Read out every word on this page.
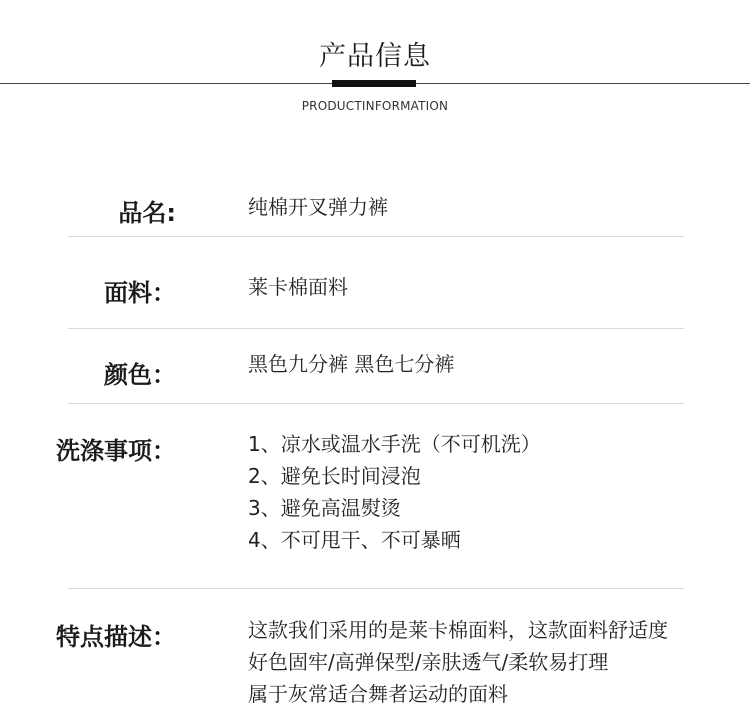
产品信息
PRODUCTINFORMATION
品名:	纯棉开叉弹力裤
面料：	莱卡棉面料
颜色：	黑色九分裤 黑色七分裤
洗涤事项：	1、凉水或温水手洗（不可机洗）
2、避免长时间浸泡
3、避免高温熨烫
4、不可甩干、不可暴晒
特点描述：	这款我们采用的是莱卡棉面料，这款面料舒适度
好色固牢/高弹保型/亲肤透气/柔软易打理
属于灰常适合舞者运动的面料
